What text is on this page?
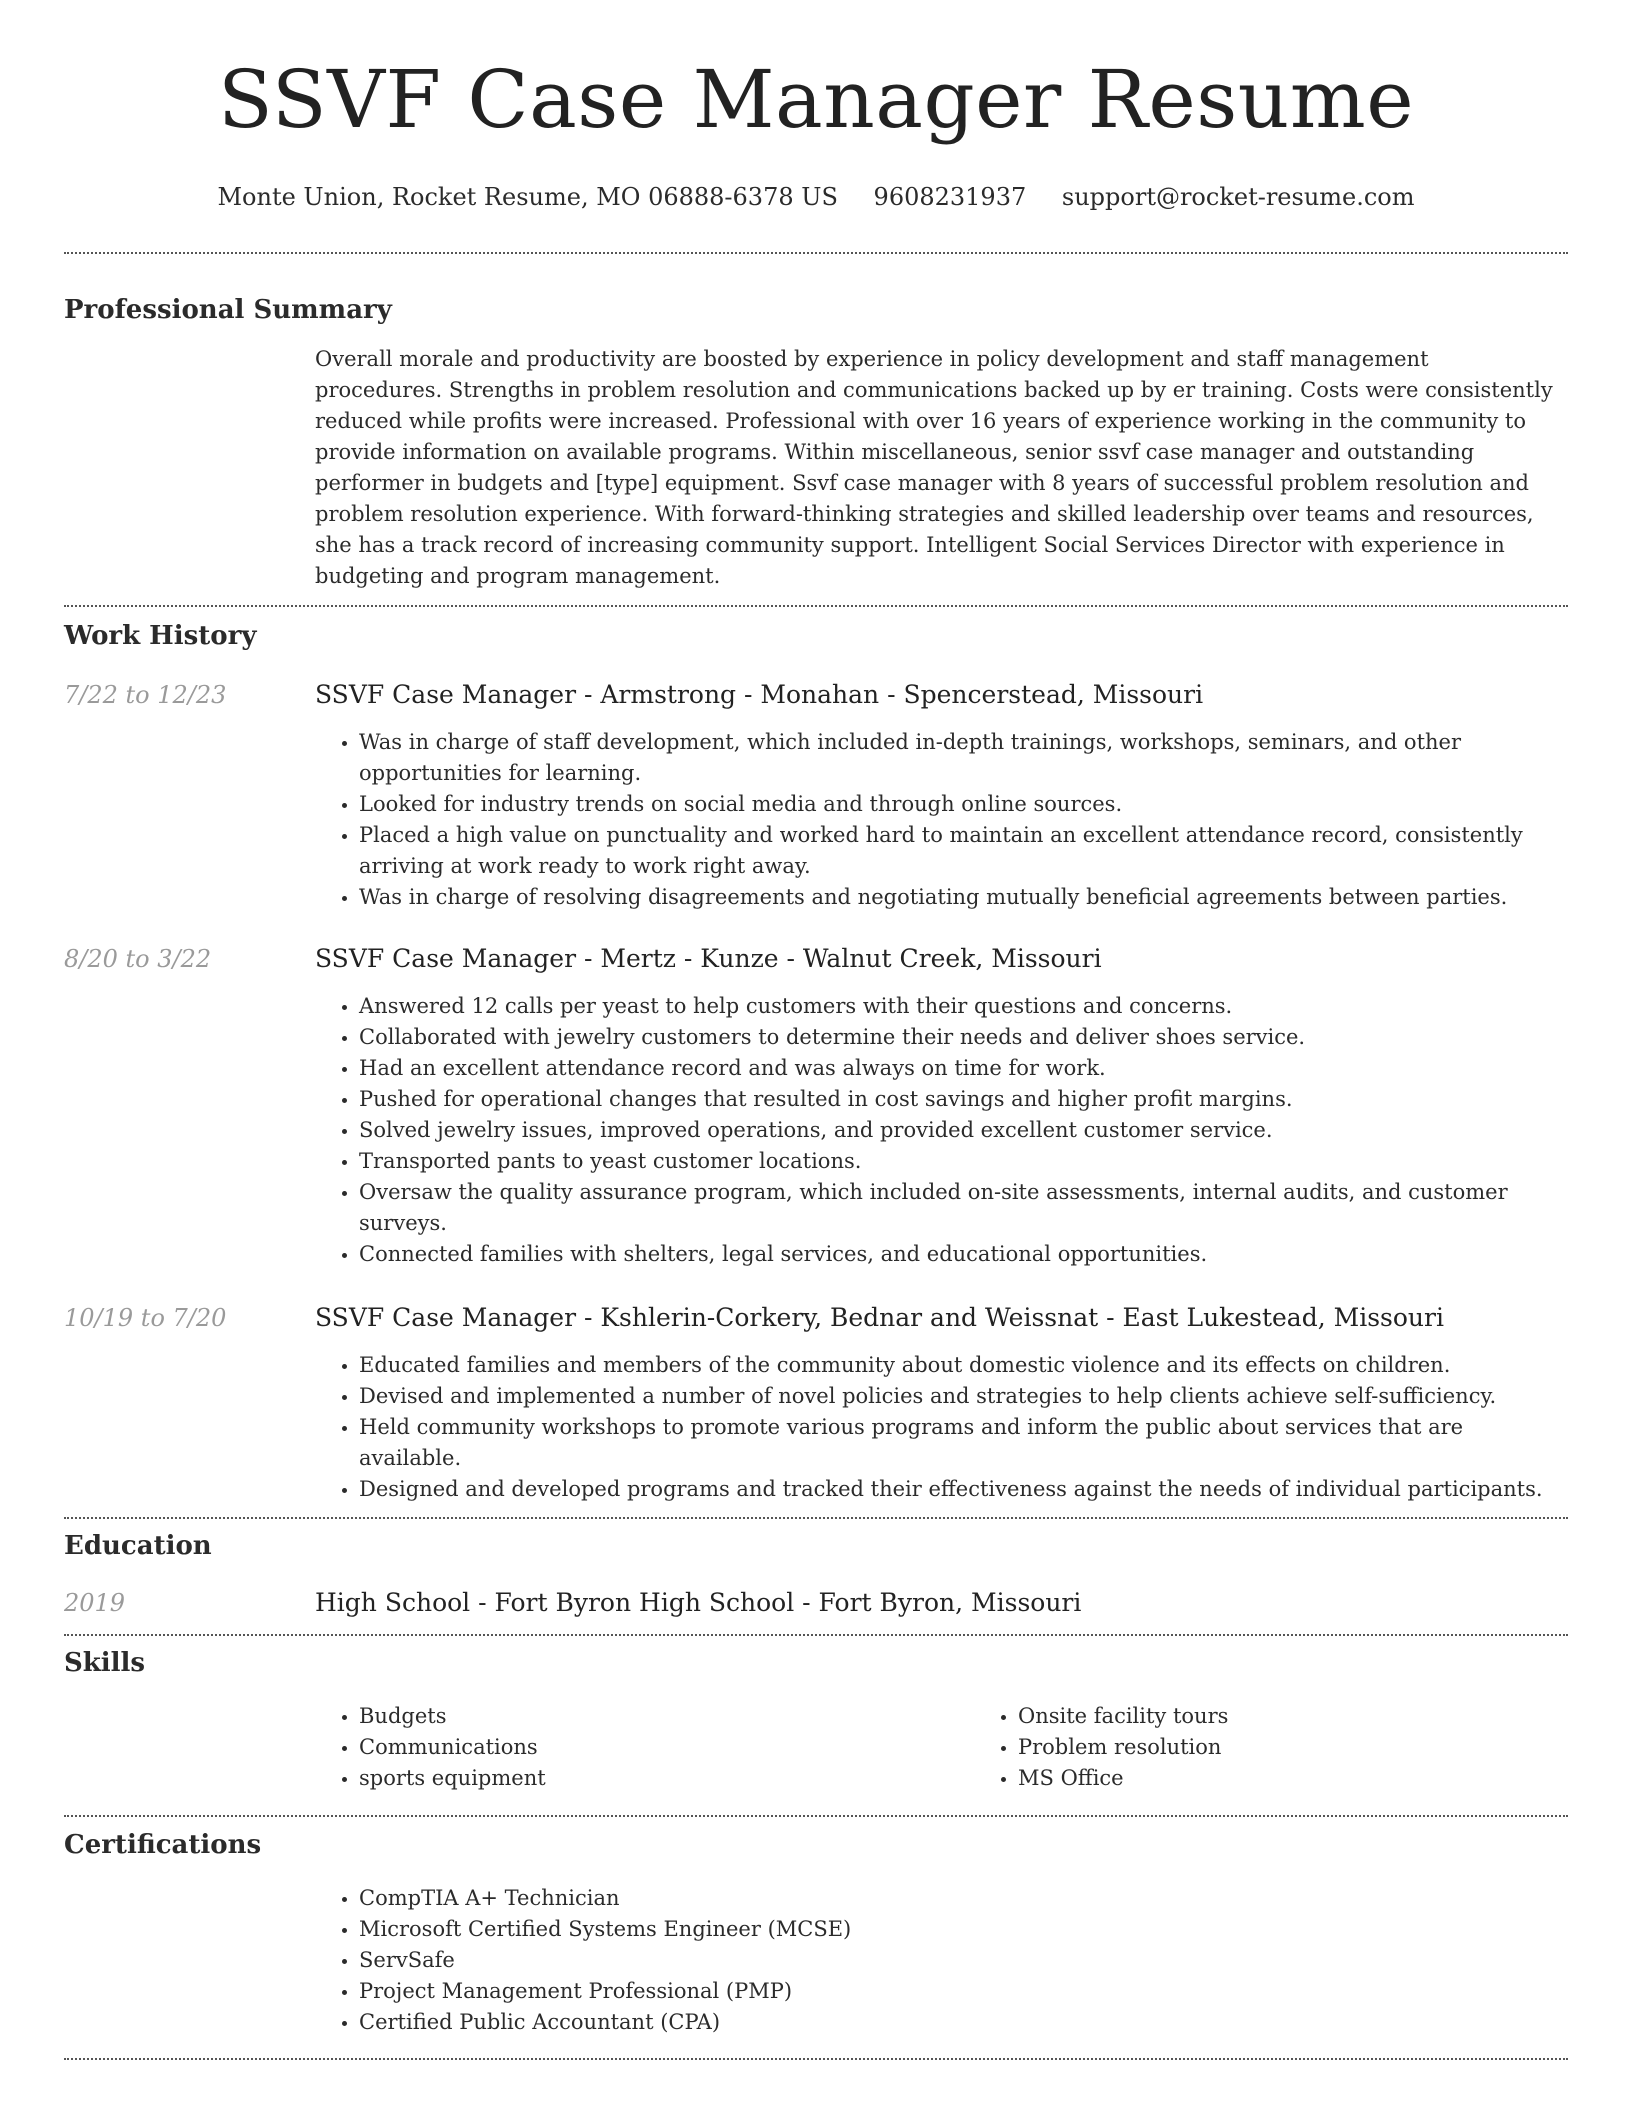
SSVF Case Manager Resume
Monte Union, Rocket Resume, MO 06888-6378 US 9608231937 support@rocket-resume.com
Professional Summary
Overall morale and productivity are boosted by experience in policy development and staff management procedures. Strengths in problem resolution and communications backed up by er training. Costs were consistently reduced while profits were increased. Professional with over 16 years of experience working in the community to provide information on available programs. Within miscellaneous, senior ssvf case manager and outstanding performer in budgets and [type] equipment. Ssvf case manager with 8 years of successful problem resolution and problem resolution experience. With forward-thinking strategies and skilled leadership over teams and resources, she has a track record of increasing community support. Intelligent Social Services Director with experience in budgeting and program management.
Work History
7/22 to 12/23	SSVF Case Manager - Armstrong - Monahan - Spencerstead, Missouri
• Was in charge of staff development, which included in-depth trainings, workshops, seminars, and other opportunities for learning.
• Looked for industry trends on social media and through online sources.
• Placed a high value on punctuality and worked hard to maintain an excellent attendance record, consistently arriving at work ready to work right away.
• Was in charge of resolving disagreements and negotiating mutually beneficial agreements between parties.
8/20 to 3/22	SSVF Case Manager - Mertz - Kunze - Walnut Creek, Missouri
• Answered 12 calls per yeast to help customers with their questions and concerns.
• Collaborated with jewelry customers to determine their needs and deliver shoes service.
• Had an excellent attendance record and was always on time for work.
• Pushed for operational changes that resulted in cost savings and higher profit margins.
• Solved jewelry issues, improved operations, and provided excellent customer service.
• Transported pants to yeast customer locations.
• Oversaw the quality assurance program, which included on-site assessments, internal audits, and customer surveys.
• Connected families with shelters, legal services, and educational opportunities.
10/19 to 7/20	SSVF Case Manager - Kshlerin-Corkery, Bednar and Weissnat - East Lukestead, Missouri
• Educated families and members of the community about domestic violence and its effects on children.
• Devised and implemented a number of novel policies and strategies to help clients achieve self-sufficiency.
• Held community workshops to promote various programs and inform the public about services that are available.
• Designed and developed programs and tracked their effectiveness against the needs of individual participants.
Education
2019	High School - Fort Byron High School - Fort Byron, Missouri
Skills
• Budgets
• Communications
• sports equipment
• Onsite facility tours
• Problem resolution
• MS Office
Certifications
• CompTIA A+ Technician
• Microsoft Certified Systems Engineer (MCSE)
• ServSafe
• Project Management Professional (PMP)
• Certified Public Accountant (CPA)
